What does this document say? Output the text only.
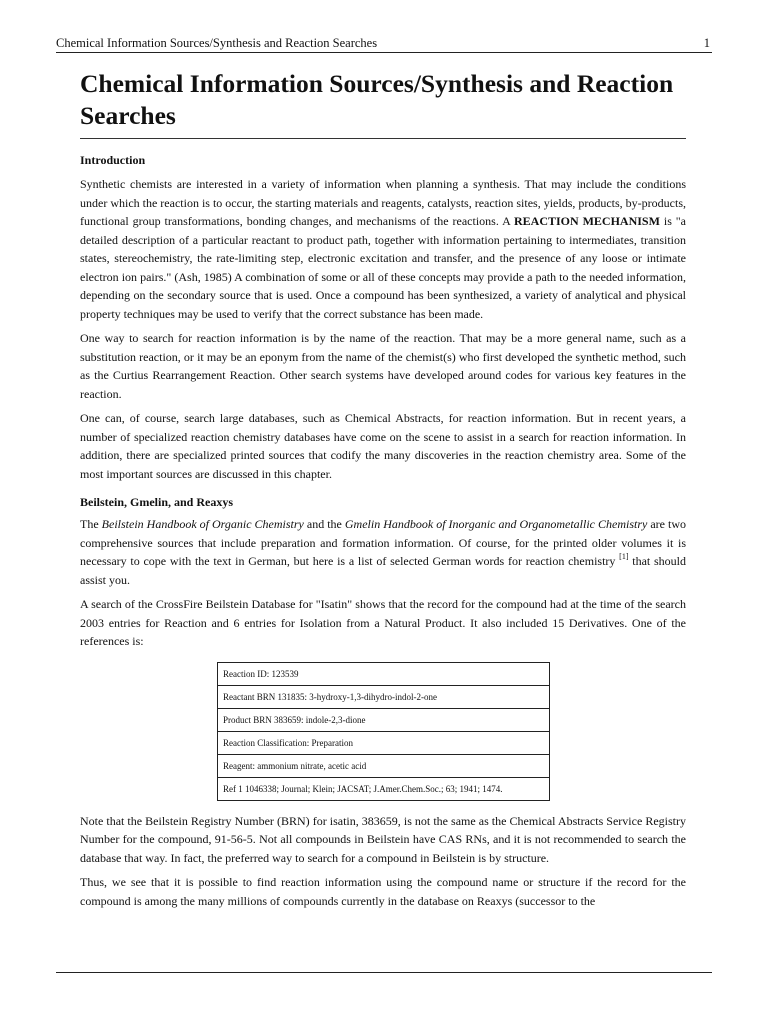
Chemical Information Sources/Synthesis and Reaction Searches	1
Chemical Information Sources/Synthesis and Reaction Searches
Introduction

Synthetic chemists are interested in a variety of information when planning a synthesis. That may include the conditions under which the reaction is to occur, the starting materials and reagents, catalysts, reaction sites, yields, products, by-products, functional group transformations, bonding changes, and mechanisms of the reactions. A REACTION MECHANISM is "a detailed description of a particular reactant to product path, together with information pertaining to intermediates, transition states, stereochemistry, the rate-limiting step, electronic excitation and transfer, and the presence of any loose or intimate electron ion pairs." (Ash, 1985) A combination of some or all of these concepts may provide a path to the needed information, depending on the secondary source that is used. Once a compound has been synthesized, a variety of analytical and physical property techniques may be used to verify that the correct substance has been made.

One way to search for reaction information is by the name of the reaction. That may be a more general name, such as a substitution reaction, or it may be an eponym from the name of the chemist(s) who first developed the synthetic method, such as the Curtius Rearrangement Reaction. Other search systems have developed around codes for various key features in the reaction.

One can, of course, search large databases, such as Chemical Abstracts, for reaction information. But in recent years, a number of specialized reaction chemistry databases have come on the scene to assist in a search for reaction information. In addition, there are specialized printed sources that codify the many discoveries in the reaction chemistry area. Some of the most important sources are discussed in this chapter.

Beilstein, Gmelin, and Reaxys

The Beilstein Handbook of Organic Chemistry and the Gmelin Handbook of Inorganic and Organometallic Chemistry are two comprehensive sources that include preparation and formation information. Of course, for the printed older volumes it is necessary to cope with the text in German, but here is a list of selected German words for reaction chemistry [1] that should assist you.

A search of the CrossFire Beilstein Database for "Isatin" shows that the record for the compound had at the time of the search 2003 entries for Reaction and 6 entries for Isolation from a Natural Product. It also included 15 Derivatives. One of the references is:

Reaction ID: 123539
Reactant BRN 131835: 3-hydroxy-1,3-dihydro-indol-2-one
Product BRN 383659: indole-2,3-dione
Reaction Classification: Preparation
Reagent: ammonium nitrate, acetic acid
Ref 1 1046338; Journal; Klein; JACSAT; J.Amer.Chem.Soc.; 63; 1941; 1474.

Note that the Beilstein Registry Number (BRN) for isatin, 383659, is not the same as the Chemical Abstracts Service Registry Number for the compound, 91-56-5. Not all compounds in Beilstein have CAS RNs, and it is not recommended to search the database that way. In fact, the preferred way to search for a compound in Beilstein is by structure.

Thus, we see that it is possible to find reaction information using the compound name or structure if the record for the compound is among the many millions of compounds currently in the database on Reaxys (successor to the
